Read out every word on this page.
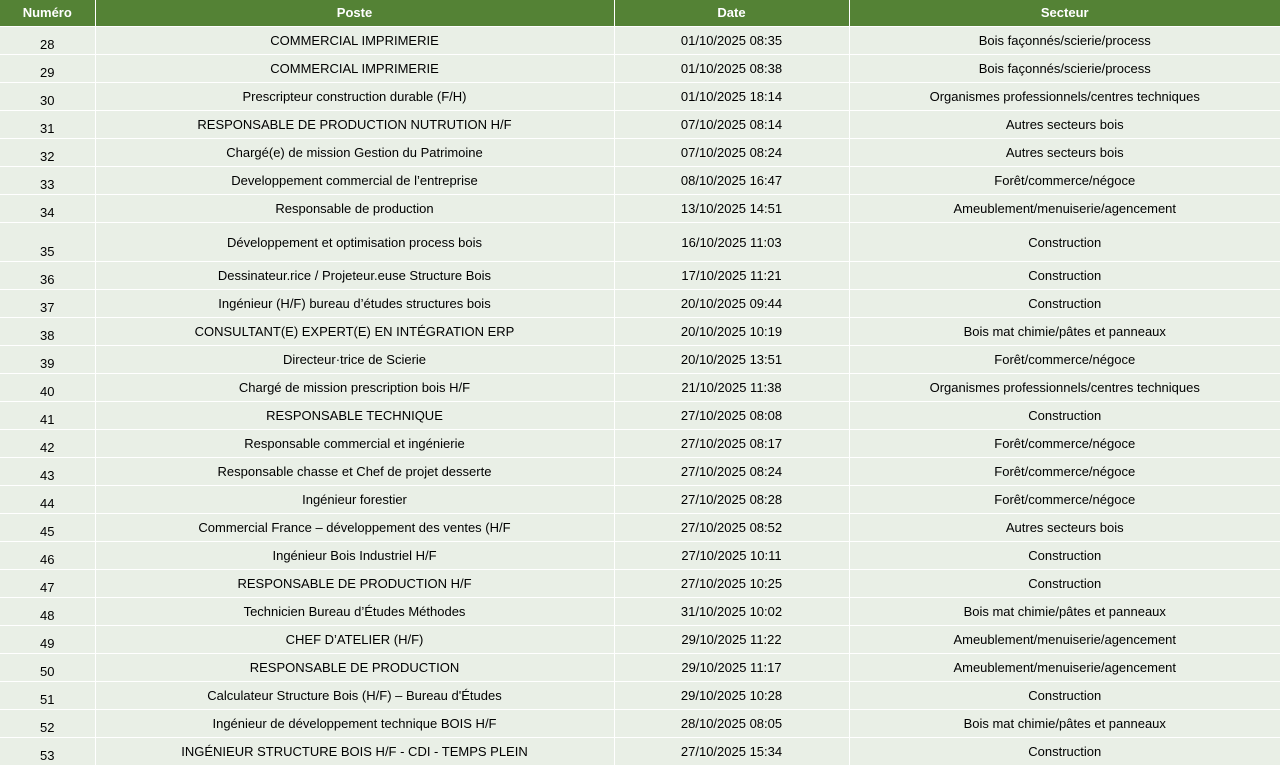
Numéro	Poste	Date	Secteur
28	COMMERCIAL IMPRIMERIE	01/10/2025 08:35	Bois façonnés/scierie/process
29	COMMERCIAL IMPRIMERIE	01/10/2025 08:38	Bois façonnés/scierie/process
30	Prescripteur construction durable (F/H)	01/10/2025 18:14	Organismes professionnels/centres techniques
31	RESPONSABLE DE PRODUCTION NUTRUTION H/F	07/10/2025 08:14	Autres secteurs bois
32	Chargé(e) de mission Gestion du Patrimoine	07/10/2025 08:24	Autres secteurs bois
33	Developpement commercial de l’entreprise	08/10/2025 16:47	Forêt/commerce/négoce
34	Responsable de production	13/10/2025 14:51	Ameublement/menuiserie/agencement
35	Développement et optimisation process bois	16/10/2025 11:03	Construction
36	Dessinateur.rice / Projeteur.euse Structure Bois	17/10/2025 11:21	Construction
37	Ingénieur (H/F) bureau d’études structures bois	20/10/2025 09:44	Construction
38	CONSULTANT(E) EXPERT(E) EN INTÉGRATION ERP	20/10/2025 10:19	Bois mat chimie/pâtes et panneaux
39	Directeur·trice de Scierie	20/10/2025 13:51	Forêt/commerce/négoce
40	Chargé de mission prescription bois H/F	21/10/2025 11:38	Organismes professionnels/centres techniques
41	RESPONSABLE TECHNIQUE	27/10/2025 08:08	Construction
42	Responsable commercial et ingénierie	27/10/2025 08:17	Forêt/commerce/négoce
43	Responsable chasse et Chef de projet desserte	27/10/2025 08:24	Forêt/commerce/négoce
44	Ingénieur forestier	27/10/2025 08:28	Forêt/commerce/négoce
45	Commercial France – développement des ventes (H/F	27/10/2025 08:52	Autres secteurs bois
46	Ingénieur Bois Industriel H/F	27/10/2025 10:11	Construction
47	RESPONSABLE DE PRODUCTION H/F	27/10/2025 10:25	Construction
48	Technicien Bureau d’Études Méthodes	31/10/2025 10:02	Bois mat chimie/pâtes et panneaux
49	CHEF D’ATELIER (H/F)	29/10/2025 11:22	Ameublement/menuiserie/agencement
50	RESPONSABLE DE PRODUCTION	29/10/2025 11:17	Ameublement/menuiserie/agencement
51	Calculateur Structure Bois (H/F) – Bureau d'Études	29/10/2025 10:28	Construction
52	Ingénieur de développement technique BOIS H/F	28/10/2025 08:05	Bois mat chimie/pâtes et panneaux
53	INGÉNIEUR STRUCTURE BOIS H/F - CDI - TEMPS PLEIN	27/10/2025 15:34	Construction
